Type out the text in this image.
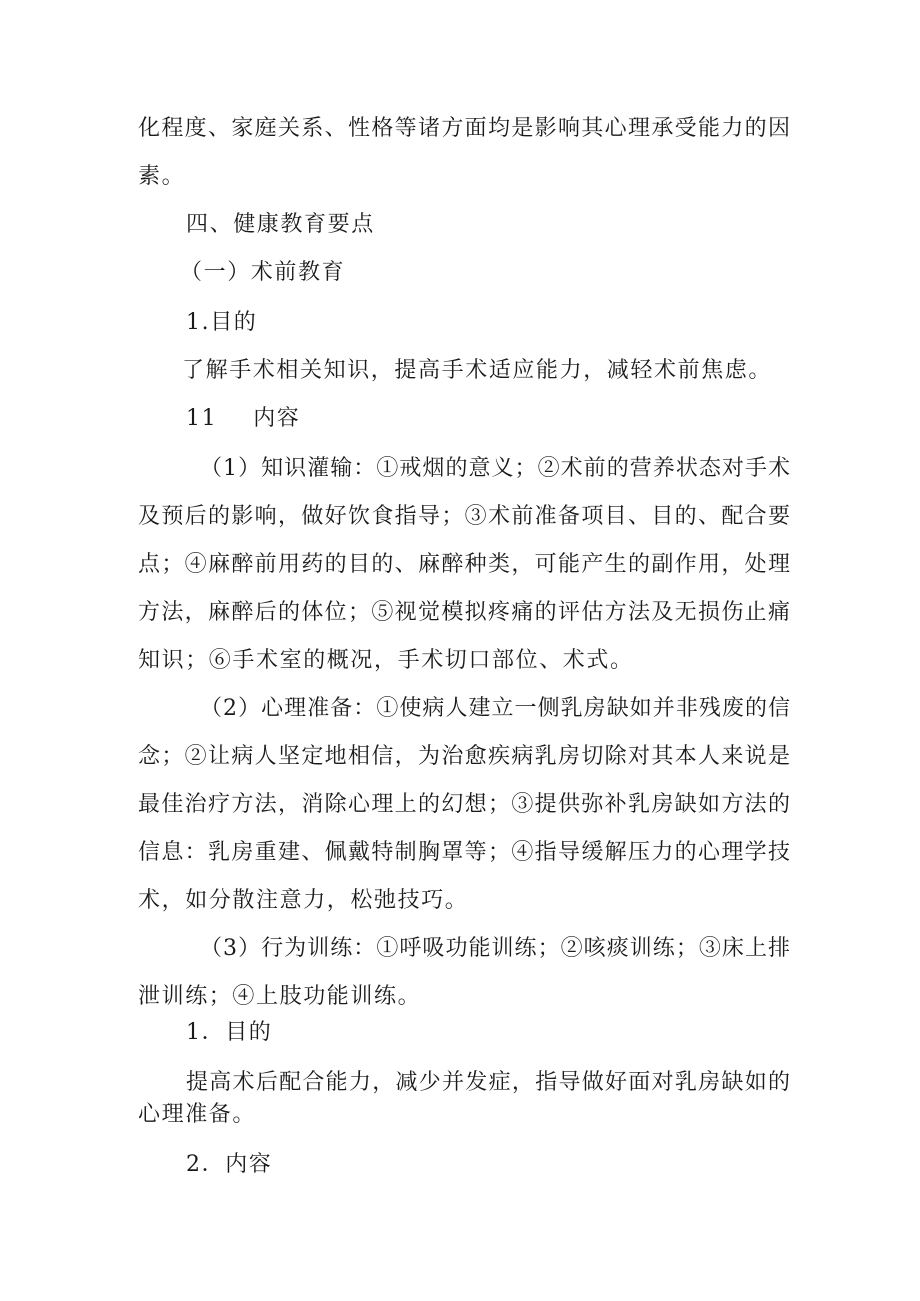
化程度、家庭关系、性格等诸方面均是影响其心理承受能力的因
素。
四、健康教育要点
（一）术前教育
1.目的
了解手术相关知识，提高手术适应能力，减轻术前焦虑。
11 内容
（1）知识灌输：①戒烟的意义；②术前的营养状态对手术
及预后的影响，做好饮食指导；③术前准备项目、目的、配合要
点；④麻醉前用药的目的、麻醉种类，可能产生的副作用，处理
方法，麻醉后的体位；⑤视觉模拟疼痛的评估方法及无损伤止痛
知识；⑥手术室的概况，手术切口部位、术式。
（2）心理准备：①使病人建立一侧乳房缺如并非残废的信
念；②让病人坚定地相信，为治愈疾病乳房切除对其本人来说是
最佳治疗方法，消除心理上的幻想；③提供弥补乳房缺如方法的
信息：乳房重建、佩戴特制胸罩等；④指导缓解压力的心理学技
术，如分散注意力，松弛技巧。
（3）行为训练：①呼吸功能训练；②咳痰训练；③床上排
泄训练；④上肢功能训练。
1．目的
提高术后配合能力，减少并发症，指导做好面对乳房缺如的
心理准备。
2．内容
